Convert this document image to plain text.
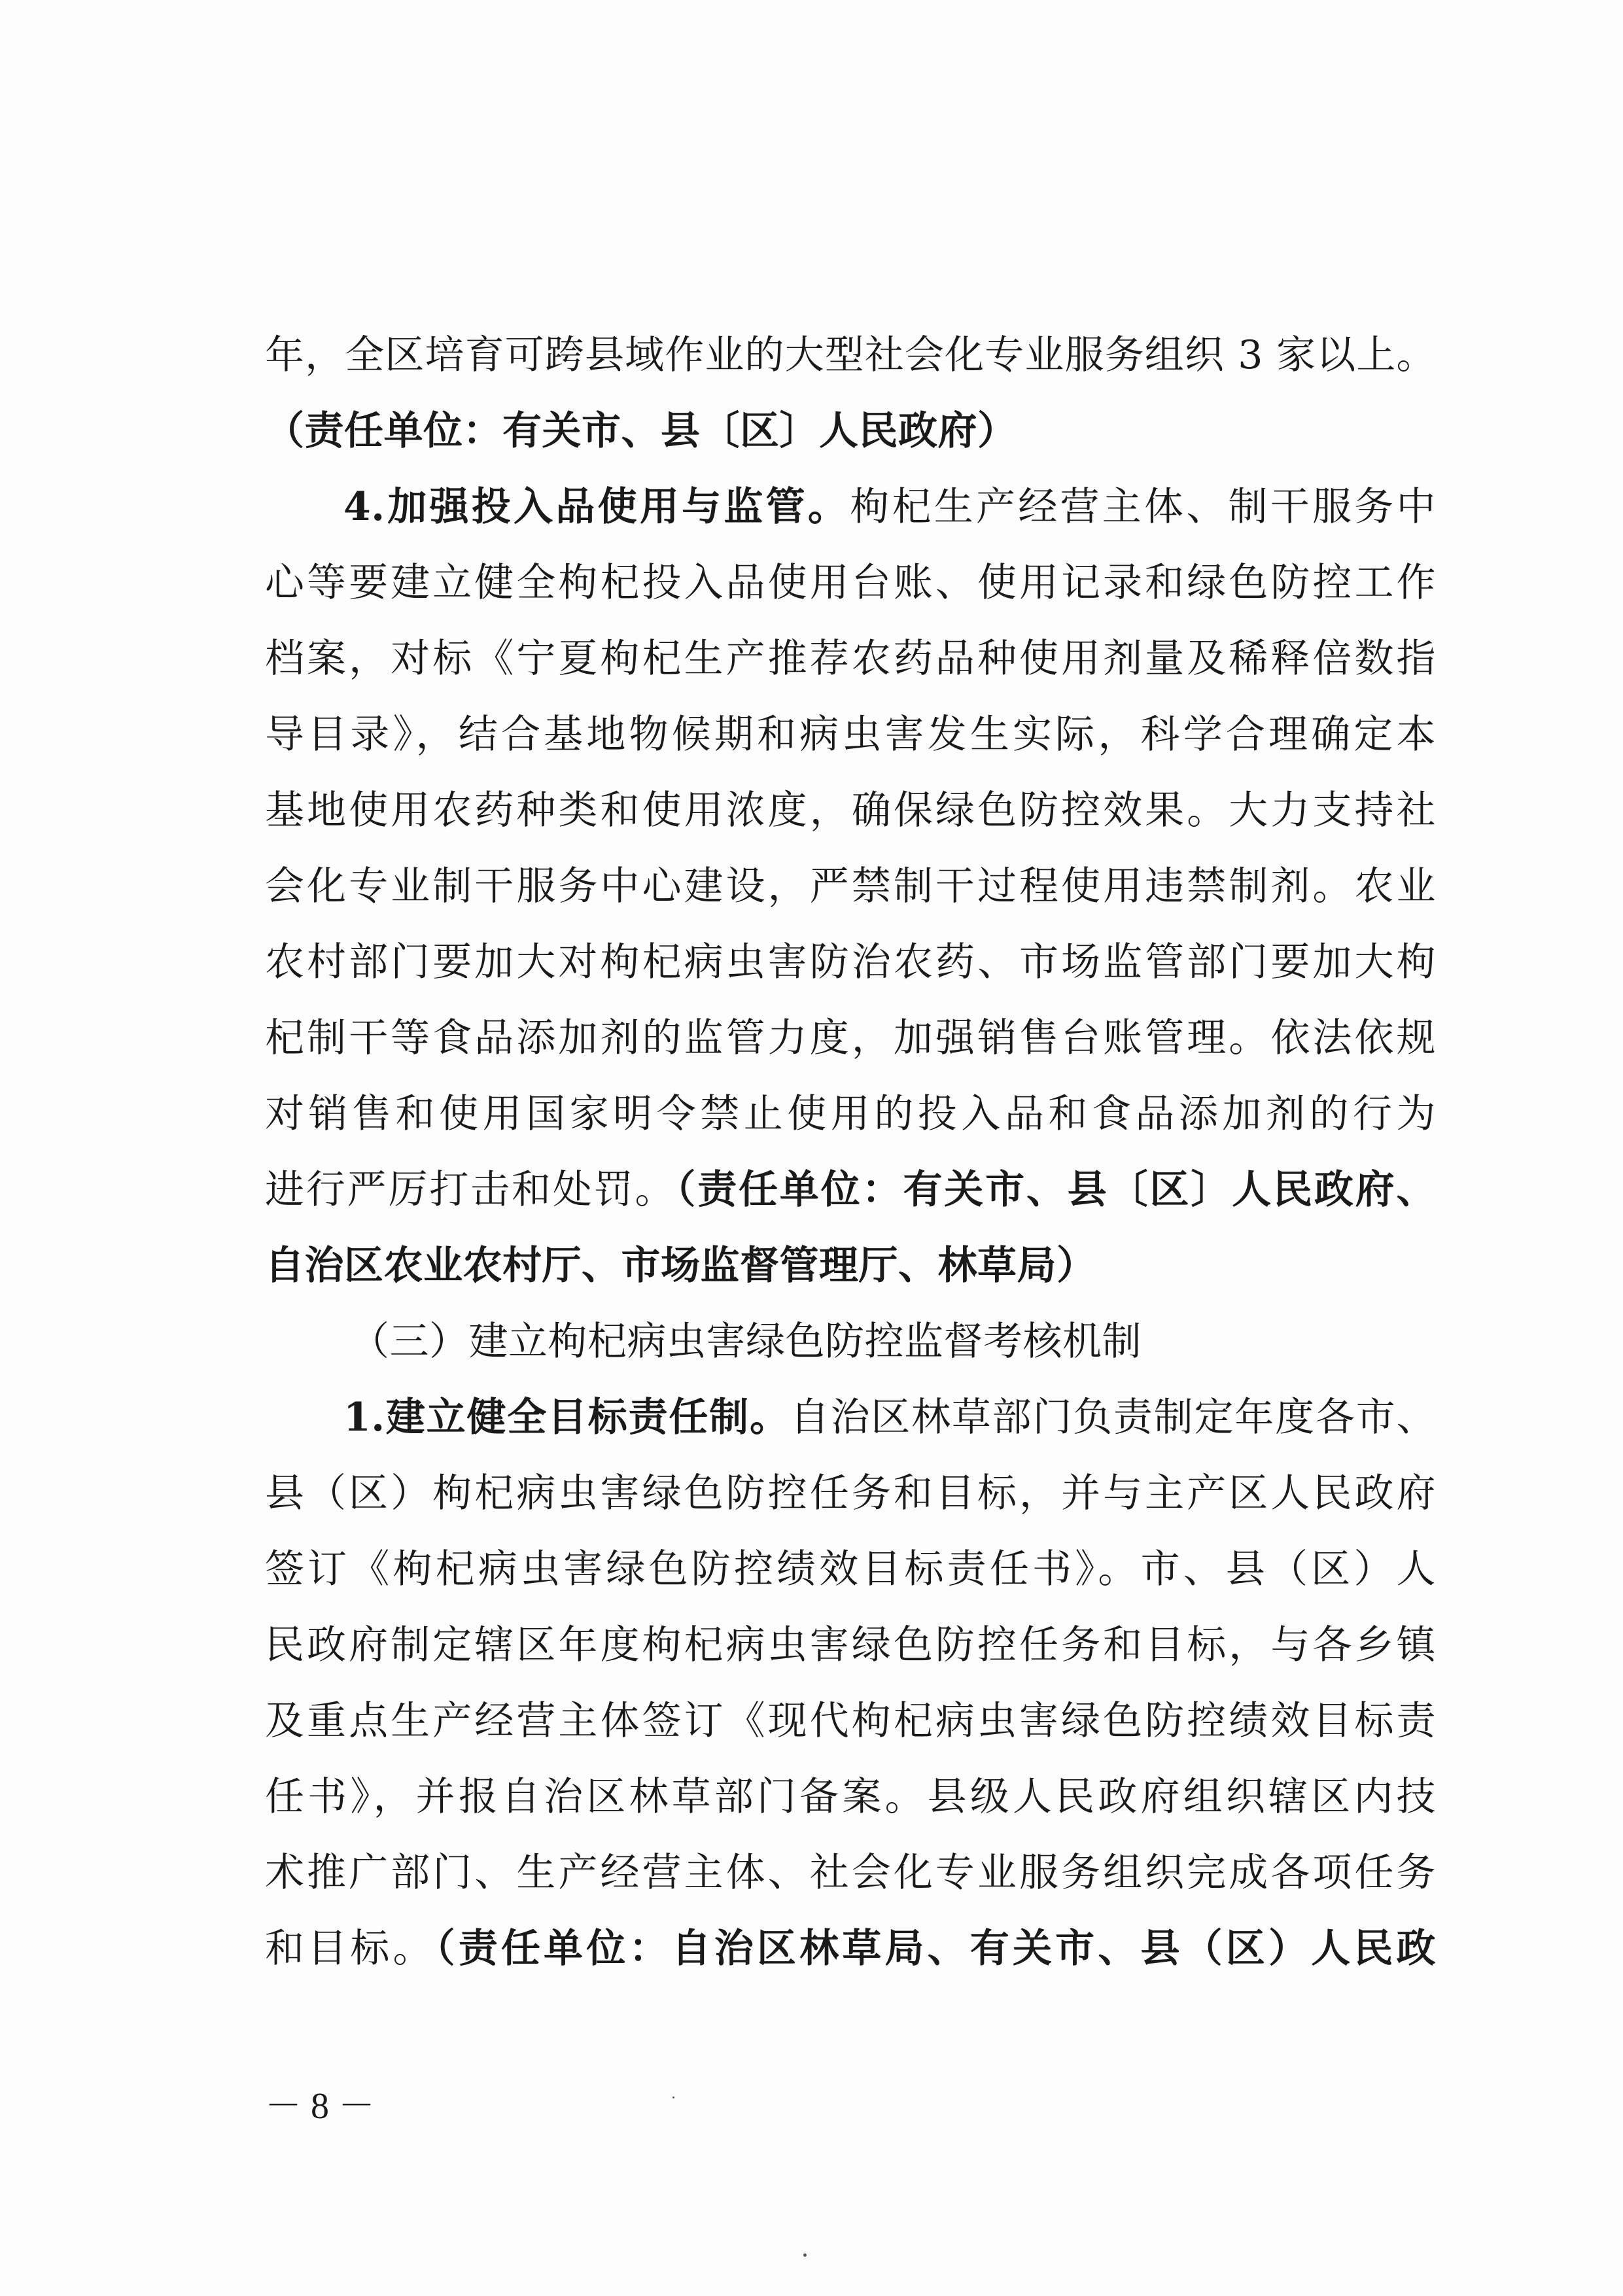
年，全区培育可跨县域作业的大型社会化专业服务组织 3 家以上。
（责任单位：有关市、县〔区〕人民政府）
4.加强投入品使用与监管。枸杞生产经营主体、制干服务中
心等要建立健全枸杞投入品使用台账、使用记录和绿色防控工作
档案，对标《宁夏枸杞生产推荐农药品种使用剂量及稀释倍数指
导目录》，结合基地物候期和病虫害发生实际，科学合理确定本
基地使用农药种类和使用浓度，确保绿色防控效果。大力支持社
会化专业制干服务中心建设，严禁制干过程使用违禁制剂。农业
农村部门要加大对枸杞病虫害防治农药、市场监管部门要加大枸
杞制干等食品添加剂的监管力度，加强销售台账管理。依法依规
对销售和使用国家明令禁止使用的投入品和食品添加剂的行为
进行严厉打击和处罚。（责任单位：有关市、县〔区〕人民政府、
自治区农业农村厅、市场监督管理厅、林草局）
（三）建立枸杞病虫害绿色防控监督考核机制
1.建立健全目标责任制。自治区林草部门负责制定年度各市、
县（区）枸杞病虫害绿色防控任务和目标，并与主产区人民政府
签订《枸杞病虫害绿色防控绩效目标责任书》。市、县（区）人
民政府制定辖区年度枸杞病虫害绿色防控任务和目标，与各乡镇
及重点生产经营主体签订《现代枸杞病虫害绿色防控绩效目标责
任书》，并报自治区林草部门备案。县级人民政府组织辖区内技
术推广部门、生产经营主体、社会化专业服务组织完成各项任务
和目标。（责任单位：自治区林草局、有关市、县（区）人民政
－ 8 －
